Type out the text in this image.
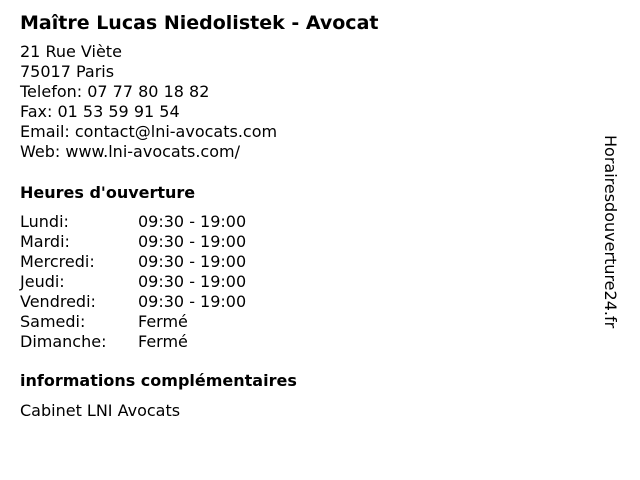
Maître Lucas Niedolistek - Avocat
21 Rue Viète
75017 Paris
Telefon: 07 77 80 18 82
Fax: 01 53 59 91 54
Email: contact@lni-avocats.com
Web: www.lni-avocats.com/
Heures d'ouverture
Lundi:	09:30 - 19:00
Mardi:	09:30 - 19:00
Mercredi:	09:30 - 19:00
Jeudi:	09:30 - 19:00
Vendredi:	09:30 - 19:00
Samedi:	Fermé
Dimanche:	Fermé
informations complémentaires
Cabinet LNI Avocats
Horairesdouverture24.fr
